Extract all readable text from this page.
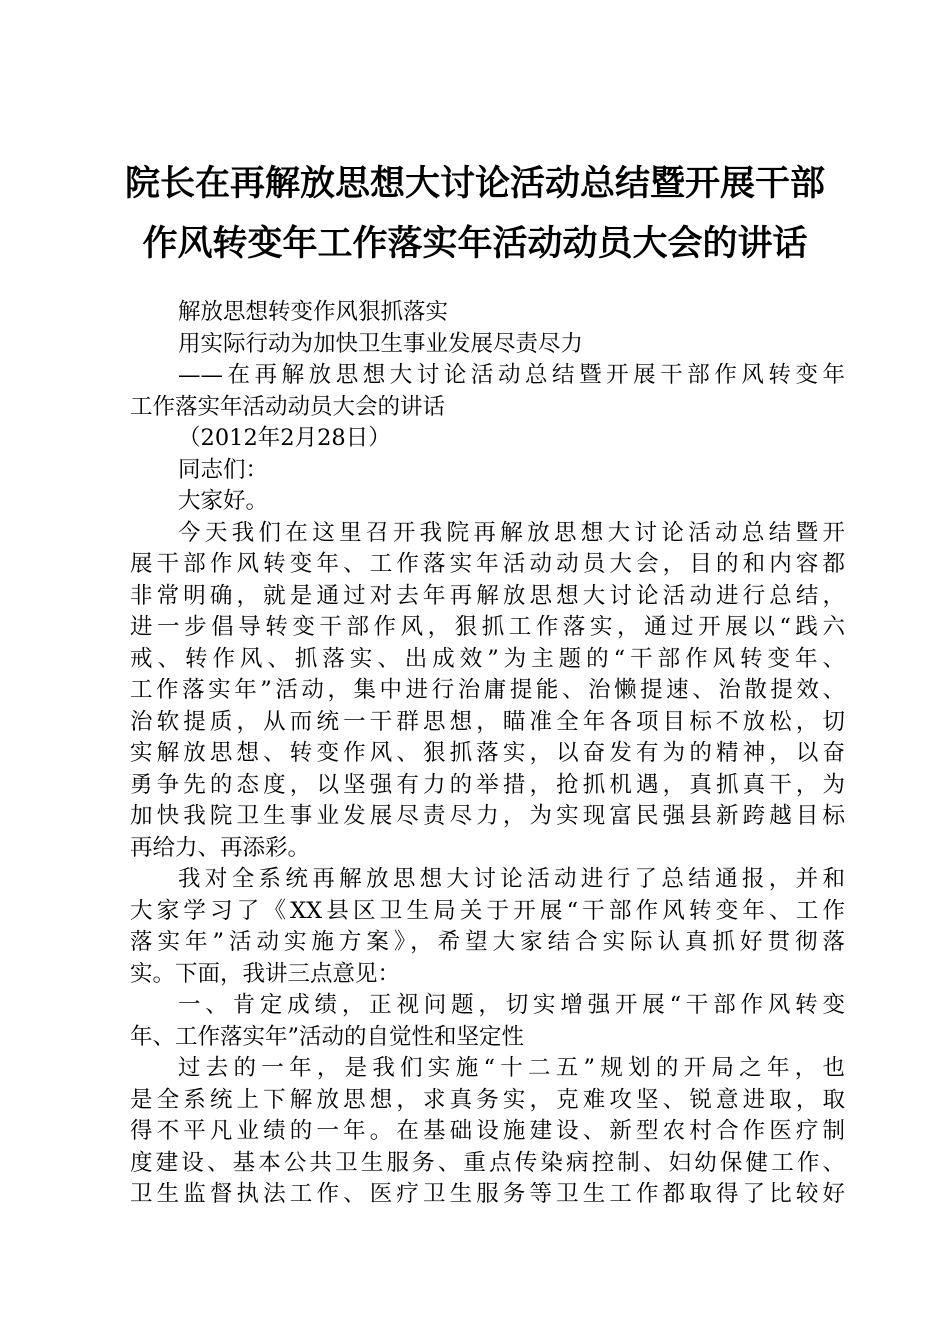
院长在再解放思想大讨论活动总结暨开展干部
作风转变年工作落实年活动动员大会的讲话
解放思想转变作风狠抓落实
用实际行动为加快卫生事业发展尽责尽力
——在再解放思想大讨论活动总结暨开展干部作风转变年
工作落实年活动动员大会的讲话
（2012年2月28日）
同志们：
大家好。
今天我们在这里召开我院再解放思想大讨论活动总结暨开
展干部作风转变年、工作落实年活动动员大会，目的和内容都
非常明确，就是通过对去年再解放思想大讨论活动进行总结，
进一步倡导转变干部作风，狠抓工作落实，通过开展以“践六
戒、转作风、抓落实、出成效”为主题的“干部作风转变年、
工作落实年”活动，集中进行治庸提能、治懒提速、治散提效、
治软提质，从而统一干群思想，瞄准全年各项目标不放松，切
实解放思想、转变作风、狠抓落实，以奋发有为的精神，以奋
勇争先的态度，以坚强有力的举措，抢抓机遇，真抓真干，为
加快我院卫生事业发展尽责尽力，为实现富民强县新跨越目标
再给力、再添彩。
我对全系统再解放思想大讨论活动进行了总结通报，并和
大家学习了《XX县区卫生局关于开展“干部作风转变年、工作
落实年”活动实施方案》，希望大家结合实际认真抓好贯彻落
实。下面，我讲三点意见：
一、肯定成绩，正视问题，切实增强开展“干部作风转变
年、工作落实年”活动的自觉性和坚定性
过去的一年，是我们实施“十二五”规划的开局之年，也
是全系统上下解放思想，求真务实，克难攻坚、锐意进取，取
得不平凡业绩的一年。在基础设施建设、新型农村合作医疗制
度建设、基本公共卫生服务、重点传染病控制、妇幼保健工作、
卫生监督执法工作、医疗卫生服务等卫生工作都取得了比较好
